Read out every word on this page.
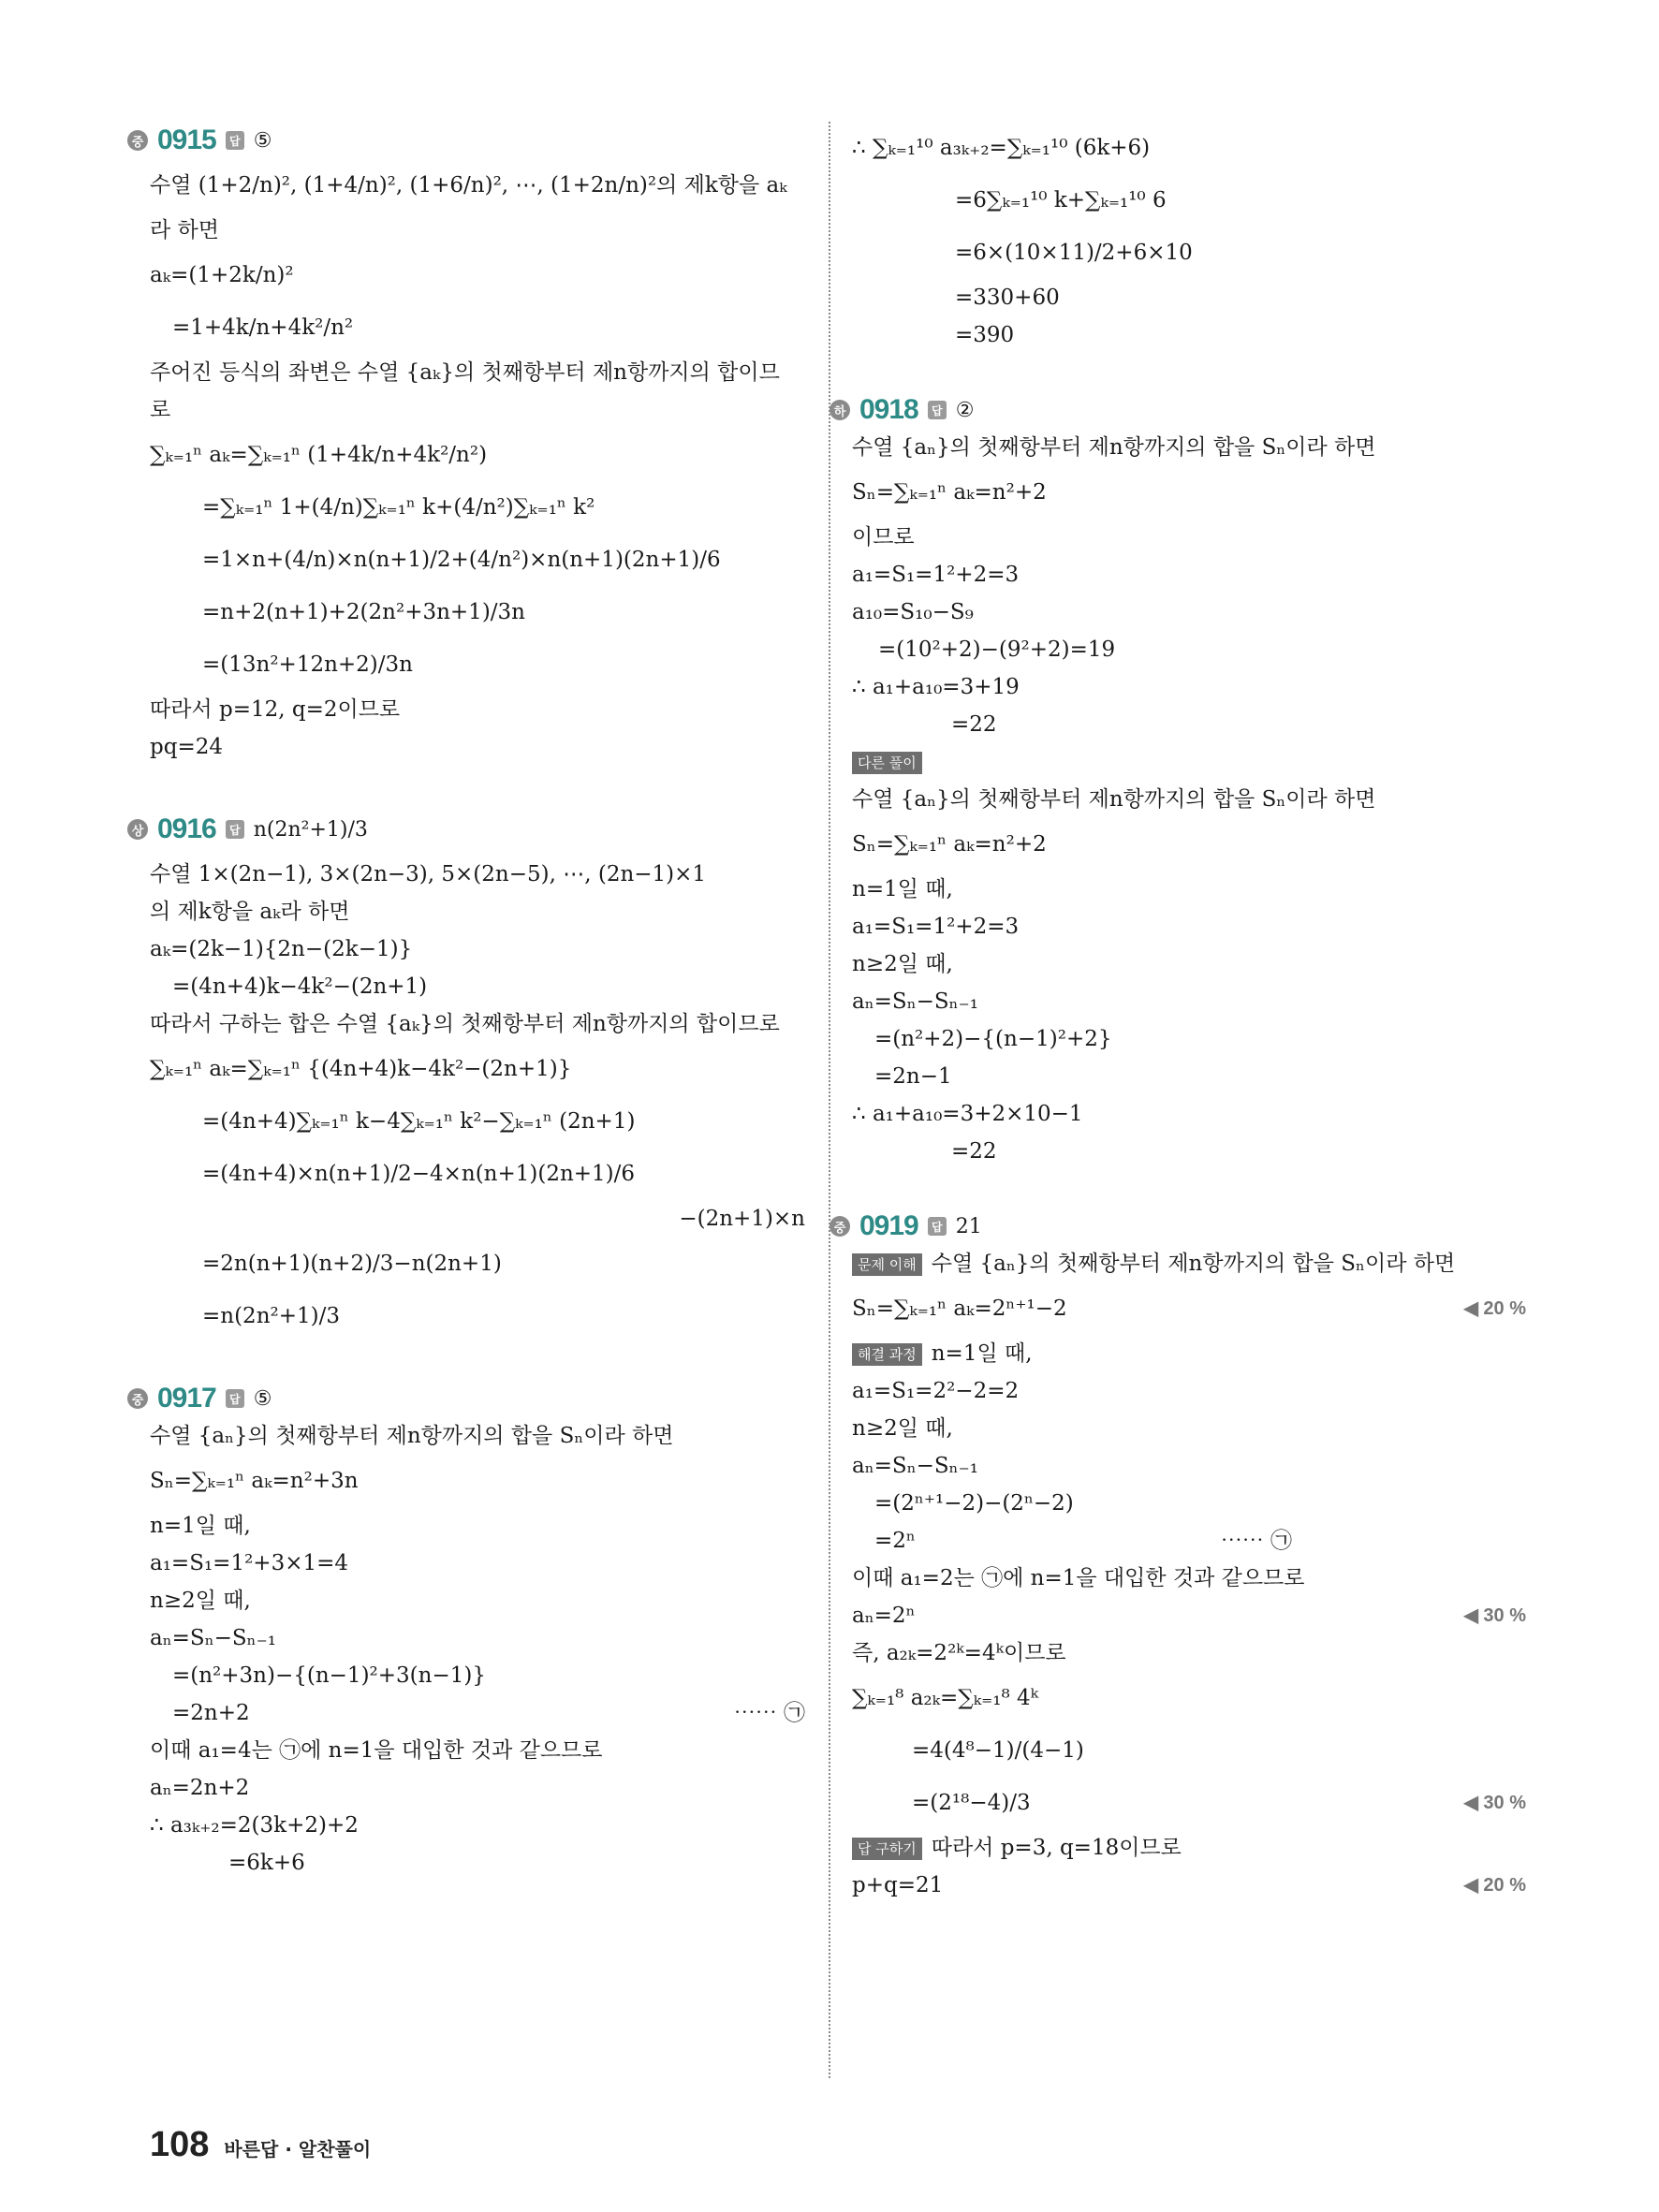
중 0915	답 ⑤
수열 (1+2/n)², (1+4/n)², (1+6/n)², ⋯, (1+2n/n)²의 제k항을 aₖ
라 하면
aₖ=(1+2k/n)²
=1+4k/n+4k²/n²
주어진 등식의 좌변은 수열 {aₖ}의 첫째항부터 제n항까지의 합이므
로
∑ₖ₌₁ⁿ aₖ=∑ₖ₌₁ⁿ (1+4k/n+4k²/n²)
=∑ₖ₌₁ⁿ 1+(4/n)∑ₖ₌₁ⁿ k+(4/n²)∑ₖ₌₁ⁿ k²
=1×n+(4/n)×n(n+1)/2+(4/n²)×n(n+1)(2n+1)/6
=n+2(n+1)+2(2n²+3n+1)/3n
=(13n²+12n+2)/3n
따라서 p=12, q=2이므로
pq=24
상 0916	답 n(2n²+1)/3
수열 1×(2n−1), 3×(2n−3), 5×(2n−5), ⋯, (2n−1)×1
의 제k항을 aₖ라 하면
aₖ=(2k−1){2n−(2k−1)}
=(4n+4)k−4k²−(2n+1)
따라서 구하는 합은 수열 {aₖ}의 첫째항부터 제n항까지의 합이므로
∑ₖ₌₁ⁿ aₖ=∑ₖ₌₁ⁿ {(4n+4)k−4k²−(2n+1)}
=(4n+4)∑ₖ₌₁ⁿ k−4∑ₖ₌₁ⁿ k²−∑ₖ₌₁ⁿ (2n+1)
=(4n+4)×n(n+1)/2−4×n(n+1)(2n+1)/6
−(2n+1)×n
=2n(n+1)(n+2)/3−n(2n+1)
=n(2n²+1)/3
중 0917	답 ⑤
수열 {aₙ}의 첫째항부터 제n항까지의 합을 Sₙ이라 하면
Sₙ=∑ₖ₌₁ⁿ aₖ=n²+3n
n=1일 때,
a₁=S₁=1²+3×1=4
n≥2일 때,
aₙ=Sₙ−Sₙ₋₁
=(n²+3n)−{(n−1)²+3(n−1)}
=2n+2	⋯⋯ ㉠
이때 a₁=4는 ㉠에 n=1을 대입한 것과 같으므로
aₙ=2n+2
∴ a₃ₖ₊₂=2(3k+2)+2
=6k+6
∴ ∑ₖ₌₁¹⁰ a₃ₖ₊₂=∑ₖ₌₁¹⁰ (6k+6)
=6∑ₖ₌₁¹⁰ k+∑ₖ₌₁¹⁰ 6
=6×(10×11)/2+6×10
=330+60
=390
하 0918	답 ②
수열 {aₙ}의 첫째항부터 제n항까지의 합을 Sₙ이라 하면
Sₙ=∑ₖ₌₁ⁿ aₖ=n²+2
이므로
a₁=S₁=1²+2=3
a₁₀=S₁₀−S₉
=(10²+2)−(9²+2)=19
∴ a₁+a₁₀=3+19
=22
다른 풀이
수열 {aₙ}의 첫째항부터 제n항까지의 합을 Sₙ이라 하면
Sₙ=∑ₖ₌₁ⁿ aₖ=n²+2
n=1일 때,
a₁=S₁=1²+2=3
n≥2일 때,
aₙ=Sₙ−Sₙ₋₁
=(n²+2)−{(n−1)²+2}
=2n−1
∴ a₁+a₁₀=3+2×10−1
=22
중 0919	답 21
문제 이해 수열 {aₙ}의 첫째항부터 제n항까지의 합을 Sₙ이라 하면
Sₙ=∑ₖ₌₁ⁿ aₖ=2ⁿ⁺¹−2	◀ 20 %
해결 과정 n=1일 때,
a₁=S₁=2²−2=2
n≥2일 때,
aₙ=Sₙ−Sₙ₋₁
=(2ⁿ⁺¹−2)−(2ⁿ−2)
=2ⁿ	⋯⋯ ㉠
이때 a₁=2는 ㉠에 n=1을 대입한 것과 같으므로
aₙ=2ⁿ	◀ 30 %
즉, a₂ₖ=2²ᵏ=4ᵏ이므로
∑ₖ₌₁⁸ a₂ₖ=∑ₖ₌₁⁸ 4ᵏ
=4(4⁸−1)/(4−1)
=(2¹⁸−4)/3	◀ 30 %
답 구하기 따라서 p=3, q=18이므로
p+q=21	◀ 20 %
108 바른답 · 알찬풀이
